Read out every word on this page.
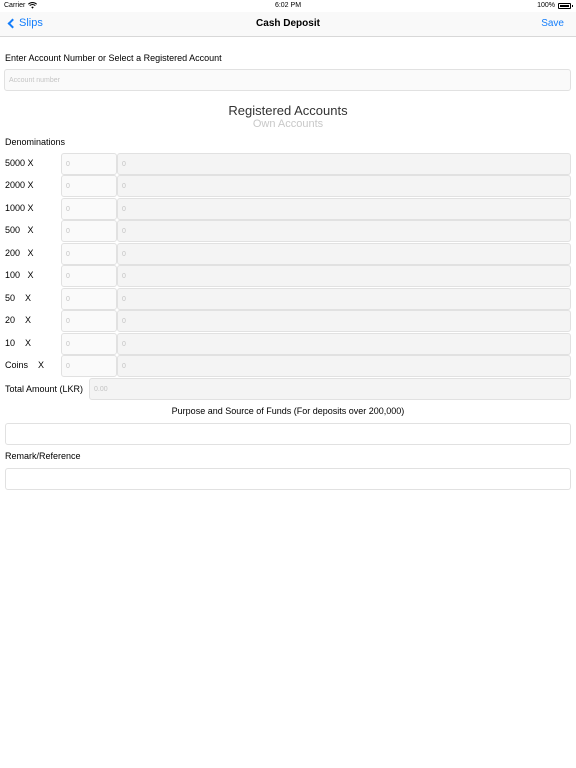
Carrier	6:02 PM	100%
Slips	Cash Deposit	Save
Enter Account Number or Select a Registered Account
Account number
Registered Accounts
Own Accounts
Denominations
5000 X	0	0
2000 X	0	0
1000 X	0	0
500   X	0	0
200   X	0	0
100   X	0	0
50    X	0	0
20    X	0	0
10    X	0	0
Coins    X	0	0
Total Amount (LKR)	0.00
Purpose and Source of Funds (For deposits over 200,000)
Remark/Reference
